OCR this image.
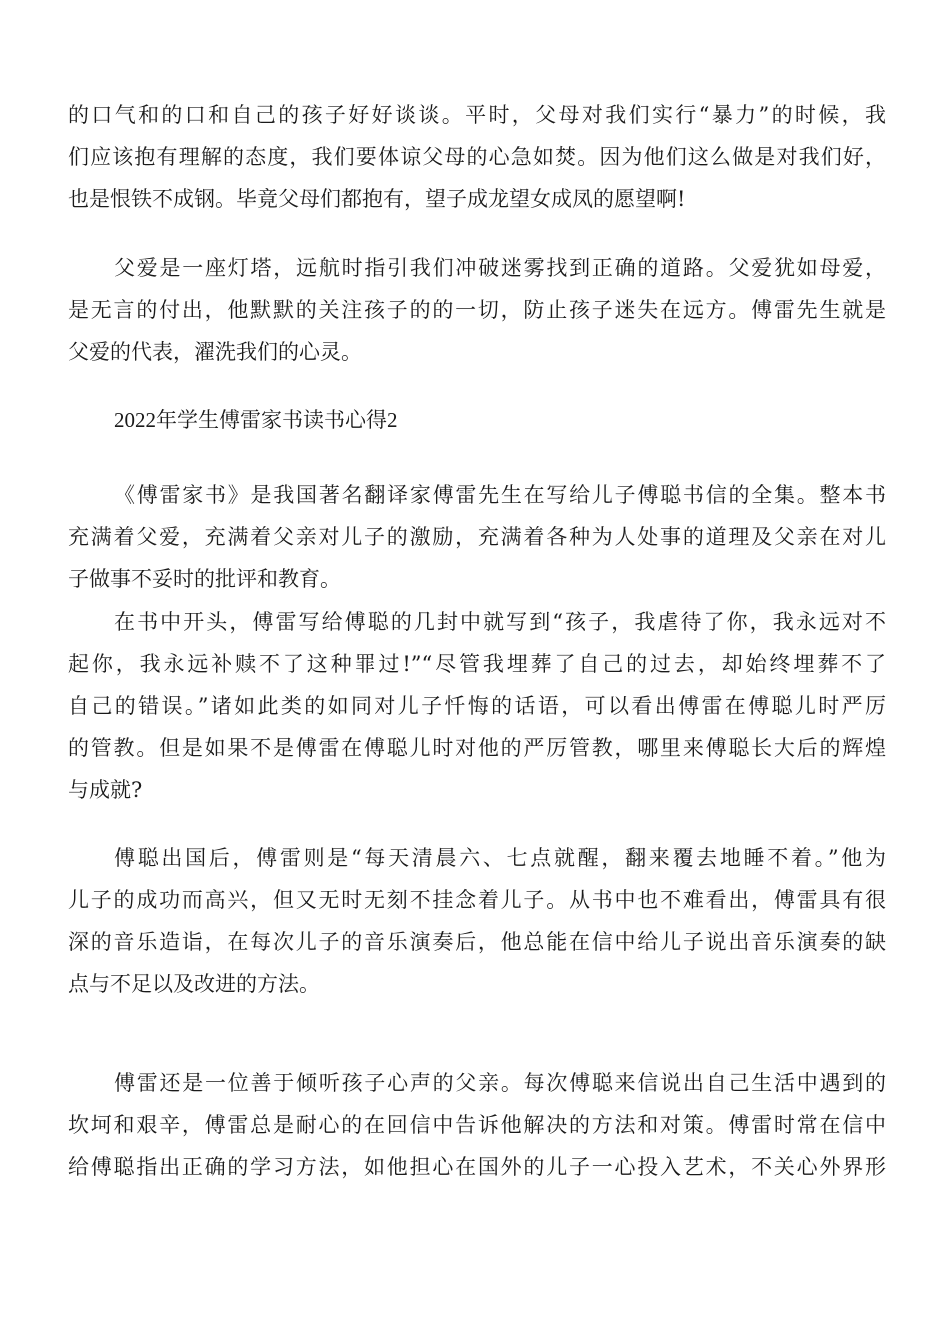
的口气和的口和自己的孩子好好谈谈。平时，父母对我们实行“暴力”的时候，我
们应该抱有理解的态度，我们要体谅父母的心急如焚。因为他们这么做是对我们好，
也是恨铁不成钢。毕竟父母们都抱有，望子成龙望女成凤的愿望啊!
父爱是一座灯塔，远航时指引我们冲破迷雾找到正确的道路。父爱犹如母爱，
是无言的付出，他默默的关注孩子的的一切，防止孩子迷失在远方。傅雷先生就是
父爱的代表，濯洗我们的心灵。
2022年学生傅雷家书读书心得2
《傅雷家书》是我国著名翻译家傅雷先生在写给儿子傅聪书信的全集。整本书
充满着父爱，充满着父亲对儿子的激励，充满着各种为人处事的道理及父亲在对儿
子做事不妥时的批评和教育。
在书中开头，傅雷写给傅聪的几封中就写到“孩子，我虐待了你，我永远对不
起你，我永远补赎不了这种罪过!”“尽管我埋葬了自己的过去，却始终埋葬不了
自己的错误。”诸如此类的如同对儿子忏悔的话语，可以看出傅雷在傅聪儿时严厉
的管教。但是如果不是傅雷在傅聪儿时对他的严厉管教，哪里来傅聪长大后的辉煌
与成就?
傅聪出国后，傅雷则是“每天清晨六、七点就醒，翻来覆去地睡不着。”他为
儿子的成功而高兴，但又无时无刻不挂念着儿子。从书中也不难看出，傅雷具有很
深的音乐造诣，在每次儿子的音乐演奏后，他总能在信中给儿子说出音乐演奏的缺
点与不足以及改进的方法。
傅雷还是一位善于倾听孩子心声的父亲。每次傅聪来信说出自己生活中遇到的
坎坷和艰辛，傅雷总是耐心的在回信中告诉他解决的方法和对策。傅雷时常在信中
给傅聪指出正确的学习方法，如他担心在国外的儿子一心投入艺术，不关心外界形
